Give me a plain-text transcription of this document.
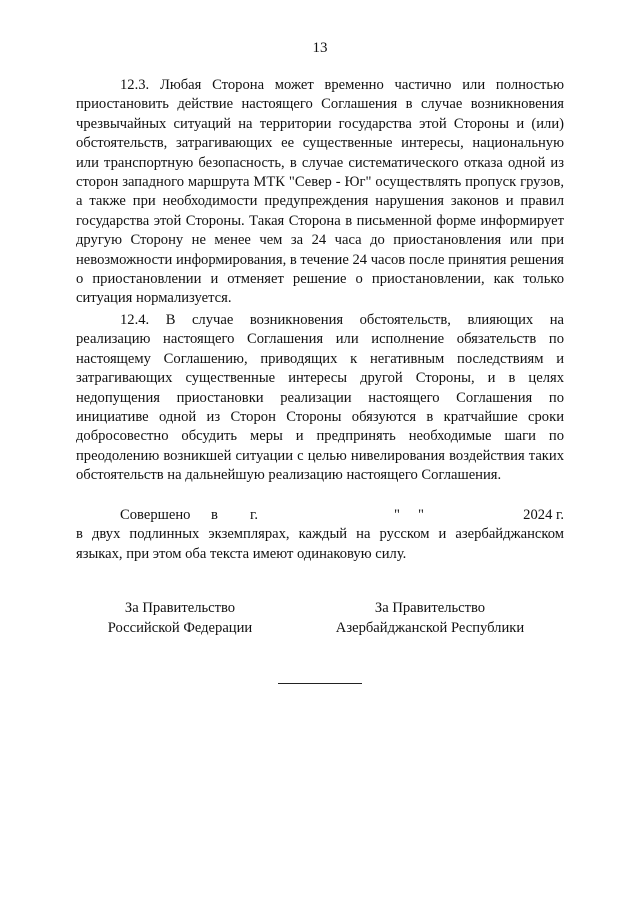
13

12.3. Любая Сторона может временно частично или полностью приостановить действие настоящего Соглашения в случае возникновения чрезвычайных ситуаций на территории государства этой Стороны и (или) обстоятельств, затрагивающих ее существенные интересы, национальную или транспортную безопасность, в случае систематического отказа одной из сторон западного маршрута МТК "Север - Юг" осуществлять пропуск грузов, а также при необходимости предупреждения нарушения законов и правил государства этой Стороны. Такая Сторона в письменной форме информирует другую Сторону не менее чем за 24 часа до приостановления или при невозможности информирования, в течение 24 часов после принятия решения о приостановлении и отменяет решение о приостановлении, как только ситуация нормализуется.

12.4. В случае возникновения обстоятельств, влияющих на реализацию настоящего Соглашения или исполнение обязательств по настоящему Соглашению, приводящих к негативным последствиям и затрагивающих существенные интересы другой Стороны, и в целях недопущения приостановки реализации настоящего Соглашения по инициативе одной из Сторон Стороны обязуются в кратчайшие сроки добросовестно обсудить меры и предпринять необходимые шаги по преодолению возникшей ситуации с целью нивелирования воздействия таких обстоятельств на дальнейшую реализацию настоящего Соглашения.

Совершено в г.	" "	2024 г.

в двух подлинных экземплярах, каждый на русском и азербайджанском языках, при этом оба текста имеют одинаковую силу.

За Правительство
Российской Федерации
За Правительство
Азербайджанской Республики
